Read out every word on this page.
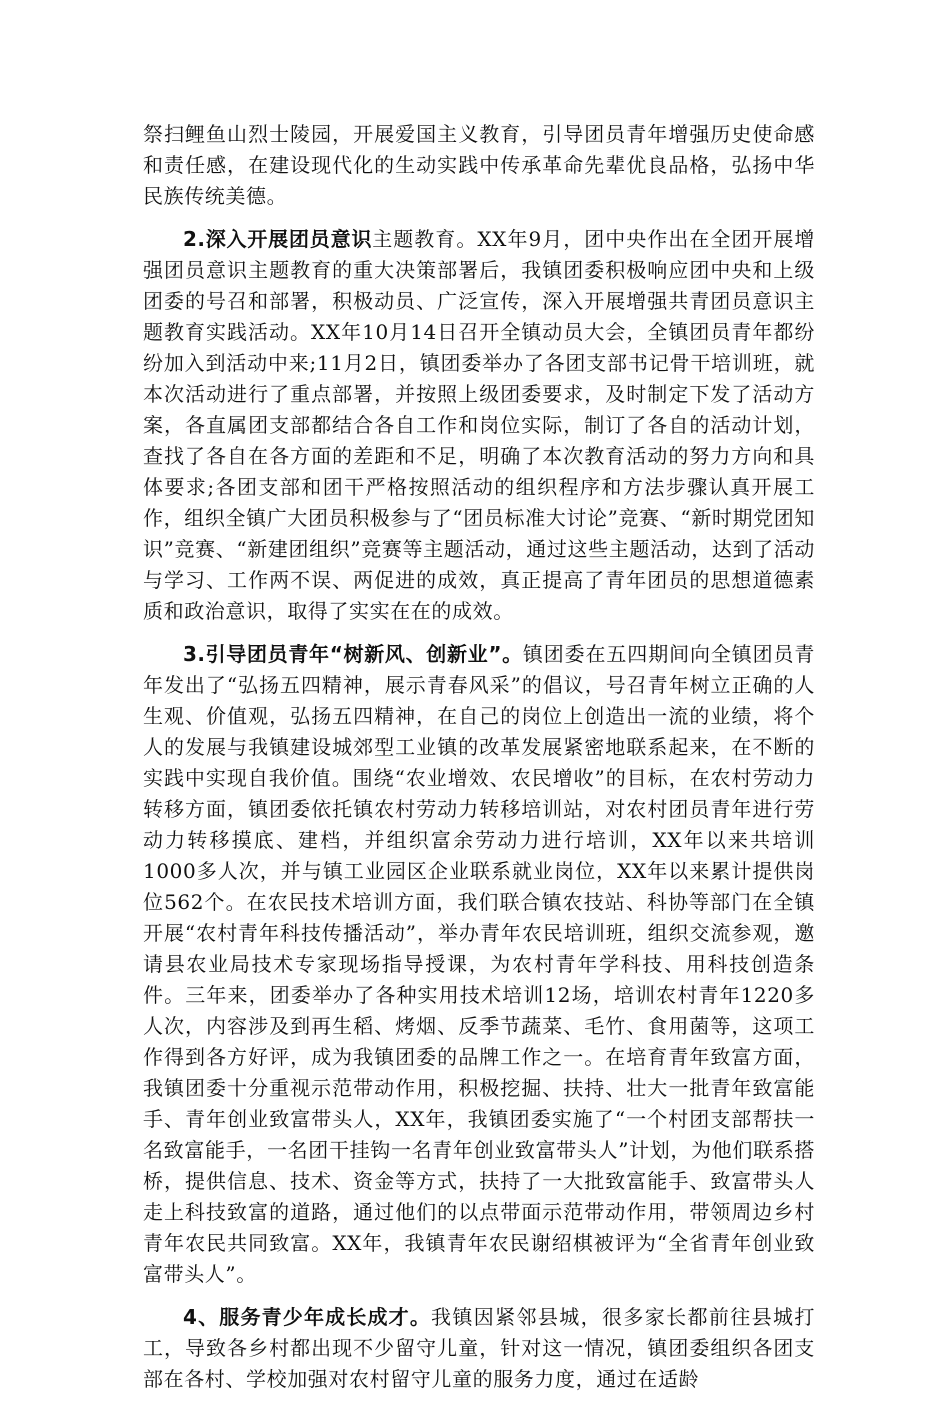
祭扫鲤鱼山烈士陵园，开展爱国主义教育，引导团员青年增强历史使命感和责任感，在建设现代化的生动实践中传承革命先辈优良品格，弘扬中华民族传统美德。

2.深入开展团员意识主题教育。XX年9月，团中央作出在全团开展增强团员意识主题教育的重大决策部署后，我镇团委积极响应团中央和上级团委的号召和部署，积极动员、广泛宣传，深入开展增强共青团员意识主题教育实践活动。XX年10月14日召开全镇动员大会，全镇团员青年都纷纷加入到活动中来;11月2日，镇团委举办了各团支部书记骨干培训班，就本次活动进行了重点部署，并按照上级团委要求，及时制定下发了活动方案，各直属团支部都结合各自工作和岗位实际，制订了各自的活动计划，查找了各自在各方面的差距和不足，明确了本次教育活动的努力方向和具体要求;各团支部和团干严格按照活动的组织程序和方法步骤认真开展工作，组织全镇广大团员积极参与了“团员标准大讨论”竞赛、“新时期党团知识”竞赛、“新建团组织”竞赛等主题活动，通过这些主题活动，达到了活动与学习、工作两不误、两促进的成效，真正提高了青年团员的思想道德素质和政治意识，取得了实实在在的成效。

3.引导团员青年“树新风、创新业”。镇团委在五四期间向全镇团员青年发出了“弘扬五四精神，展示青春风采”的倡议，号召青年树立正确的人生观、价值观，弘扬五四精神，在自己的岗位上创造出一流的业绩，将个人的发展与我镇建设城郊型工业镇的改革发展紧密地联系起来，在不断的实践中实现自我价值。围绕“农业增效、农民增收”的目标，在农村劳动力转移方面，镇团委依托镇农村劳动力转移培训站，对农村团员青年进行劳动力转移摸底、建档，并组织富余劳动力进行培训，XX年以来共培训1000多人次，并与镇工业园区企业联系就业岗位，XX年以来累计提供岗位562个。在农民技术培训方面，我们联合镇农技站、科协等部门在全镇开展“农村青年科技传播活动”，举办青年农民培训班，组织交流参观，邀请县农业局技术专家现场指导授课，为农村青年学科技、用科技创造条件。三年来，团委举办了各种实用技术培训12场，培训农村青年1220多人次，内容涉及到再生稻、烤烟、反季节蔬菜、毛竹、食用菌等，这项工作得到各方好评，成为我镇团委的品牌工作之一。在培育青年致富方面，我镇团委十分重视示范带动作用，积极挖掘、扶持、壮大一批青年致富能手、青年创业致富带头人，XX年，我镇团委实施了“一个村团支部帮扶一名致富能手，一名团干挂钩一名青年创业致富带头人”计划，为他们联系搭桥，提供信息、技术、资金等方式，扶持了一大批致富能手、致富带头人走上科技致富的道路，通过他们的以点带面示范带动作用，带领周边乡村青年农民共同致富。XX年，我镇青年农民谢绍棋被评为“全省青年创业致富带头人”。

4、服务青少年成长成才。我镇因紧邻县城，很多家长都前往县城打工，导致各乡村都出现不少留守儿童，针对这一情况，镇团委组织各团支部在各村、学校加强对农村留守儿童的服务力度，通过在适龄
